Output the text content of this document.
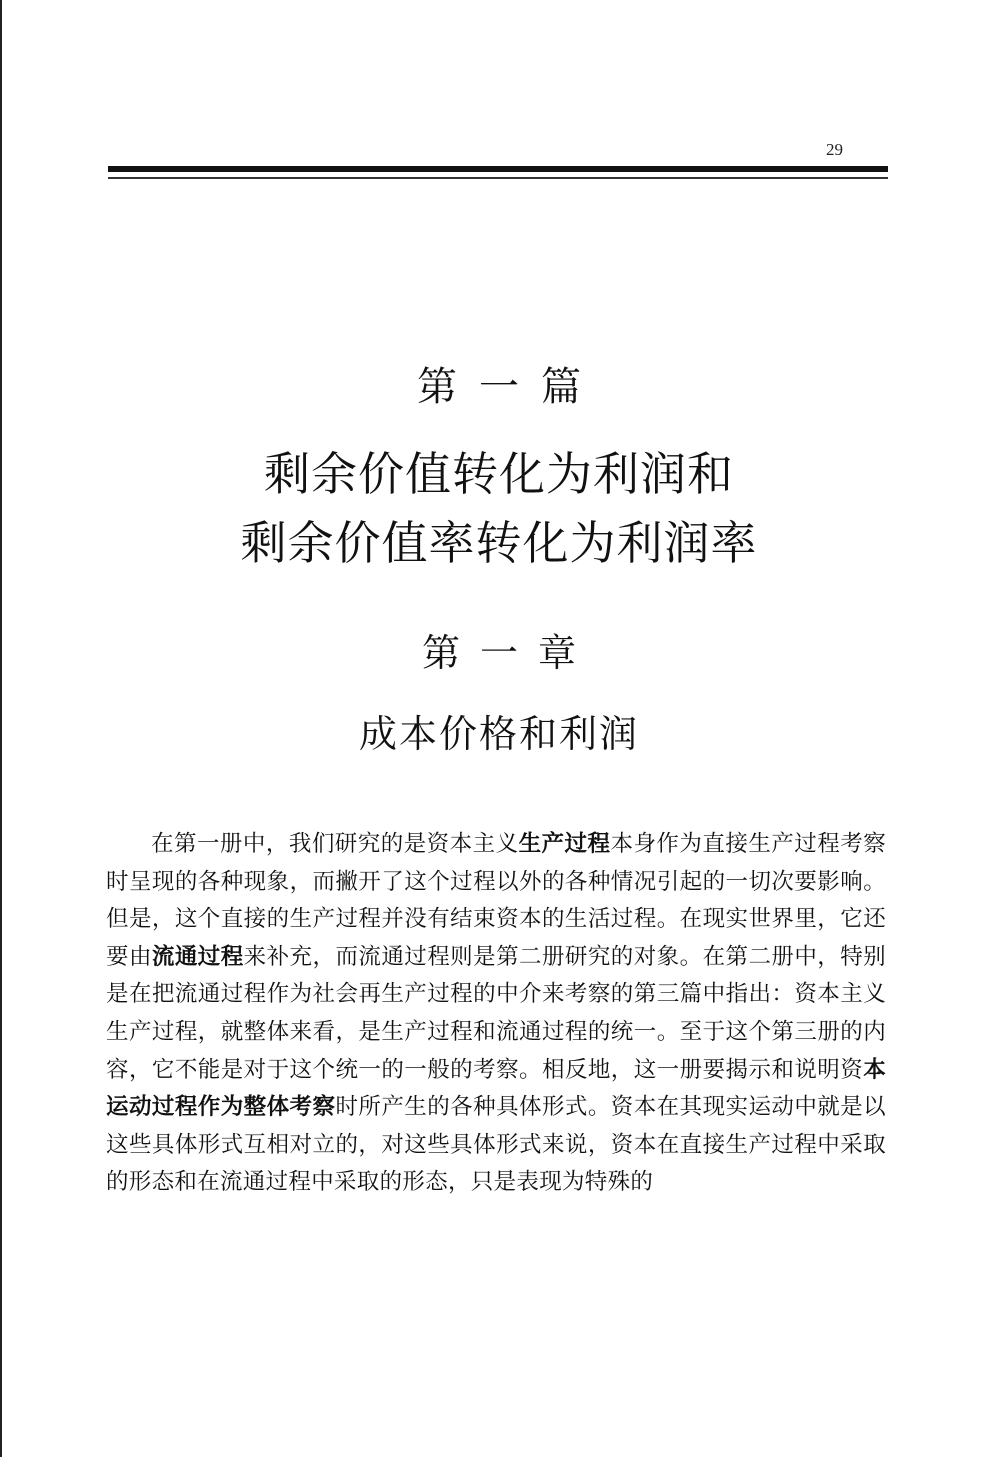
29
第一篇
剩余价值转化为利润和
剩余价值率转化为利润率
第一章
成本价格和利润
在第一册中，我们研究的是资本主义生产过程本身作为直接生产过程考察时呈现的各种现象，而撇开了这个过程以外的各种情况引起的一切次要影响。但是，这个直接的生产过程并没有结束资本的生活过程。在现实世界里，它还要由流通过程来补充，而流通过程则是第二册研究的对象。在第二册中，特别是在把流通过程作为社会再生产过程的中介来考察的第三篇中指出：资本主义生产过程，就整体来看，是生产过程和流通过程的统一。至于这个第三册的内容，它不能是对于这个统一的一般的考察。相反地，这一册要揭示和说明资本运动过程作为整体考察时所产生的各种具体形式。资本在其现实运动中就是以这些具体形式互相对立的，对这些具体形式来说，资本在直接生产过程中采取的形态和在流通过程中采取的形态，只是表现为特殊的
